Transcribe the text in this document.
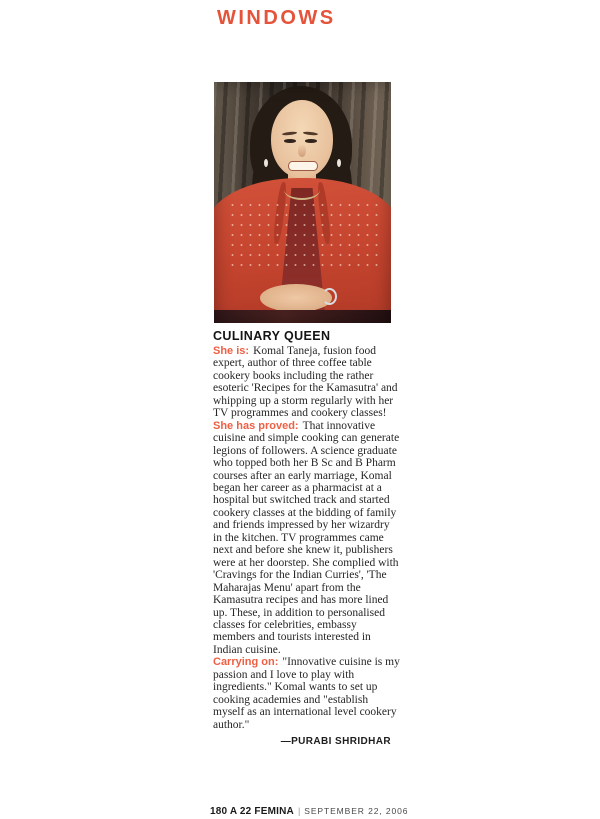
WINDOWS
CULINARY QUEEN

She is: Komal Taneja, fusion food expert, author of three coffee table cookery books including the rather esoteric 'Recipes for the Kamasutra' and whipping up a storm regularly with her TV programmes and cookery classes!

She has proved: That innovative cuisine and simple cooking can generate legions of followers. A science graduate who topped both her B Sc and B Pharm courses after an early marriage, Komal began her career as a pharmacist at a hospital but switched track and started cookery classes at the bidding of family and friends impressed by her wizardry in the kitchen. TV programmes came next and before she knew it, publishers were at her doorstep. She complied with 'Cravings for the Indian Curries', 'The Maharajas Menu' apart from the Kamasutra recipes and has more lined up. These, in addition to personalised classes for celebrities, embassy members and tourists interested in Indian cuisine.

Carrying on: "Innovative cuisine is my passion and I love to play with ingredients." Komal wants to set up cooking academies and "establish myself as an international level cookery author."

—PURABI SHRIDHAR
180 A 22 FEMINA | SEPTEMBER 22, 2006
